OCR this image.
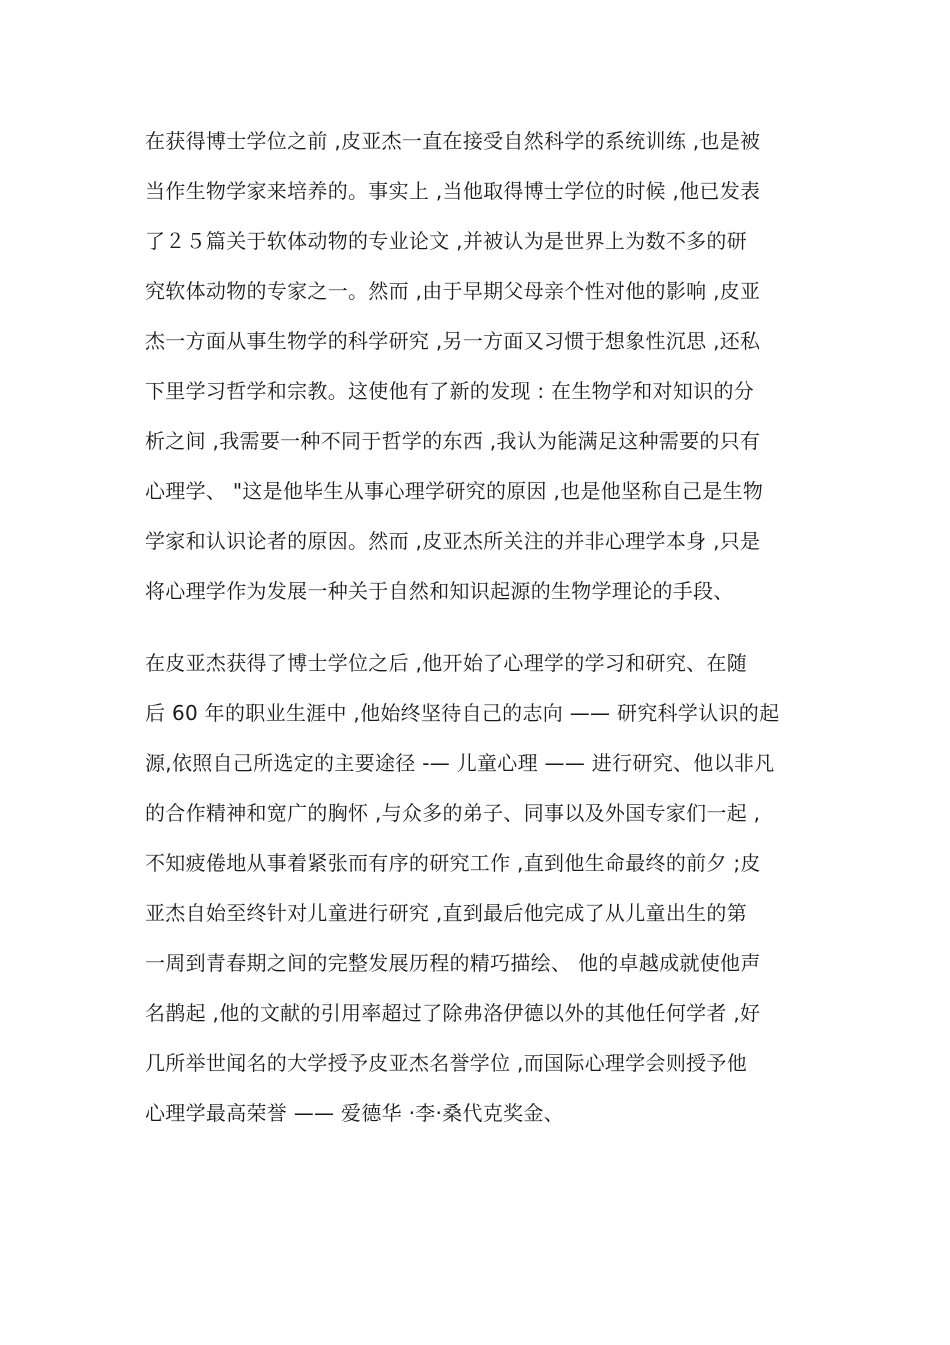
在获得博士学位之前 ,皮亚杰一直在接受自然科学的系统训练 ,也是被
当作生物学家来培养的。事实上 ,当他取得博士学位的时候 ,他已发表
了２５篇关于软体动物的专业论文 ,并被认为是世界上为数不多的研
究软体动物的专家之一。然而 ,由于早期父母亲个性对他的影响 ,皮亚
杰一方面从事生物学的科学研究 ,另一方面又习惯于想象性沉思 ,还私
下里学习哲学和宗教。这使他有了新的发现 : 在生物学和对知识的分
析之间 ,我需要一种不同于哲学的东西 ,我认为能满足这种需要的只有
心理学、 "这是他毕生从事心理学研究的原因 ,也是他坚称自己是生物
学家和认识论者的原因。然而 ,皮亚杰所关注的并非心理学本身 ,只是
将心理学作为发展一种关于自然和知识起源的生物学理论的手段、
在皮亚杰获得了博士学位之后 ,他开始了心理学的学习和研究、在随
后 60 年的职业生涯中 ,他始终坚待自己的志向 —— 研究科学认识的起
源,依照自己所选定的主要途径 -— 儿童心理 —— 进行研究、他以非凡
的合作精神和宽广的胸怀 ,与众多的弟子、同事以及外国专家们一起 ,
不知疲倦地从事着紧张而有序的研究工作 ,直到他生命最终的前夕 ;皮
亚杰自始至终针对儿童进行研究 ,直到最后他完成了从儿童出生的第
一周到青春期之间的完整发展历程的精巧描绘、 他的卓越成就使他声
名鹊起 ,他的文献的引用率超过了除弗洛伊德以外的其他任何学者 ,好
几所举世闻名的大学授予皮亚杰名誉学位 ,而国际心理学会则授予他
心理学最高荣誉 —— 爱德华 ·李·桑代克奖金、
